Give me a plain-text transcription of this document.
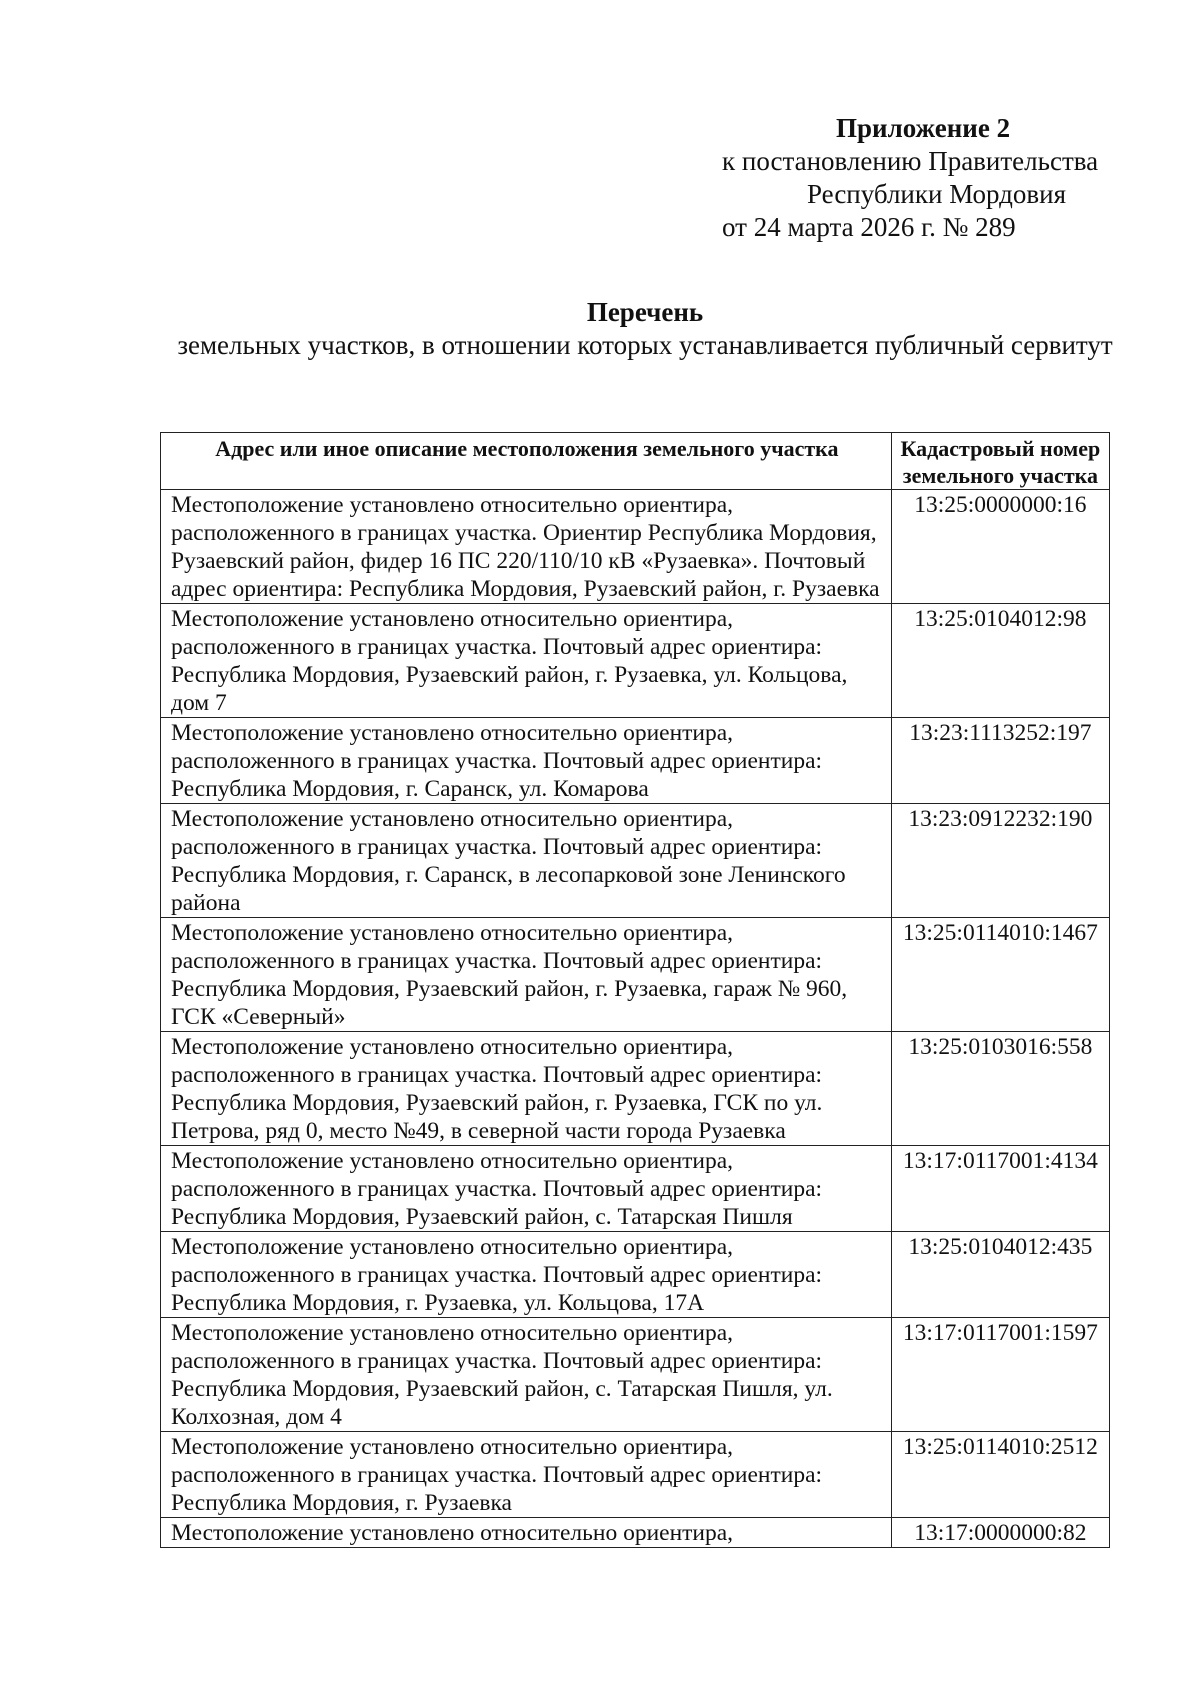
Приложение 2
к постановлению Правительства
Республики Мордовия
от 24 марта 2026 г. № 289
Перечень
земельных участков, в отношении которых устанавливается публичный сервитут
Адрес или иное описание местоположения земельного участка	Кадастровый номер земельного участка
Местоположение установлено относительно ориентира, расположенного в границах участка. Ориентир Республика Мордовия, Рузаевский район, фидер 16 ПС 220/110/10 кВ «Рузаевка». Почтовый адрес ориентира: Республика Мордовия, Рузаевский район, г. Рузаевка	13:25:0000000:16
Местоположение установлено относительно ориентира, расположенного в границах участка. Почтовый адрес ориентира: Республика Мордовия, Рузаевский район, г. Рузаевка, ул. Кольцова, дом 7	13:25:0104012:98
Местоположение установлено относительно ориентира, расположенного в границах участка. Почтовый адрес ориентира: Республика Мордовия, г. Саранск, ул. Комарова	13:23:1113252:197
Местоположение установлено относительно ориентира, расположенного в границах участка. Почтовый адрес ориентира: Республика Мордовия, г. Саранск, в лесопарковой зоне Ленинского района	13:23:0912232:190
Местоположение установлено относительно ориентира, расположенного в границах участка. Почтовый адрес ориентира: Республика Мордовия, Рузаевский район, г. Рузаевка, гараж № 960, ГСК «Северный»	13:25:0114010:1467
Местоположение установлено относительно ориентира, расположенного в границах участка. Почтовый адрес ориентира: Республика Мордовия, Рузаевский район, г. Рузаевка, ГСК по ул. Петрова, ряд 0, место №49, в северной части города Рузаевка	13:25:0103016:558
Местоположение установлено относительно ориентира, расположенного в границах участка. Почтовый адрес ориентира: Республика Мордовия, Рузаевский район, с. Татарская Пишля	13:17:0117001:4134
Местоположение установлено относительно ориентира, расположенного в границах участка. Почтовый адрес ориентира: Республика Мордовия, г. Рузаевка, ул. Кольцова, 17А	13:25:0104012:435
Местоположение установлено относительно ориентира, расположенного в границах участка. Почтовый адрес ориентира: Республика Мордовия, Рузаевский район, с. Татарская Пишля, ул. Колхозная, дом 4	13:17:0117001:1597
Местоположение установлено относительно ориентира, расположенного в границах участка. Почтовый адрес ориентира: Республика Мордовия, г. Рузаевка	13:25:0114010:2512
Местоположение установлено относительно ориентира,	13:17:0000000:82
